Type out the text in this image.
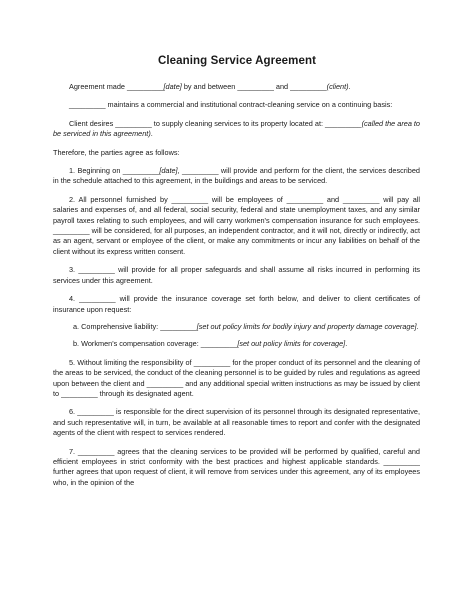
Cleaning Service Agreement

Agreement made _________[date] by and between _________ and _________(client).

_________ maintains a commercial and institutional contract-cleaning service on a continuing basis:

Client desires _________ to supply cleaning services to its property located at: _________(called the area to be serviced in this agreement).

Therefore, the parties agree as follows:

1. Beginning on _________[date], _________ will provide and perform for the client, the services described in the schedule attached to this agreement, in the buildings and areas to be serviced.

2. All personnel furnished by _________ will be employees of _________ and _________ will pay all salaries and expenses of, and all federal, social security, federal and state unemployment taxes, and any similar payroll taxes relating to such employees, and will carry workmen's compensation insurance for such employees. _________ will be considered, for all purposes, an independent contractor, and it will not, directly or indirectly, act as an agent, servant or employee of the client, or make any commitments or incur any liabilities on behalf of the client without its express written consent.

3. _________ will provide for all proper safeguards and shall assume all risks incurred in performing its services under this agreement.

4. _________ will provide the insurance coverage set forth below, and deliver to client certificates of insurance upon request:

a. Comprehensive liability: _________[set out policy limits for bodily injury and property damage coverage].

b. Workmen's compensation coverage: _________[set out policy limits for coverage].

5. Without limiting the responsibility of _________ for the proper conduct of its personnel and the cleaning of the areas to be serviced, the conduct of the cleaning personnel is to be guided by rules and regulations as agreed upon between the client and _________ and any additional special written instructions as may be issued by client to _________ through its designated agent.

6. _________ is responsible for the direct supervision of its personnel through its designated representative, and such representative will, in turn, be available at all reasonable times to report and confer with the designated agents of the client with respect to services rendered.

7. _________ agrees that the cleaning services to be provided will be performed by qualified, careful and efficient employees in strict conformity with the best practices and highest applicable standards. _________ further agrees that upon request of client, it will remove from services under this agreement, any of its employees who, in the opinion of the
